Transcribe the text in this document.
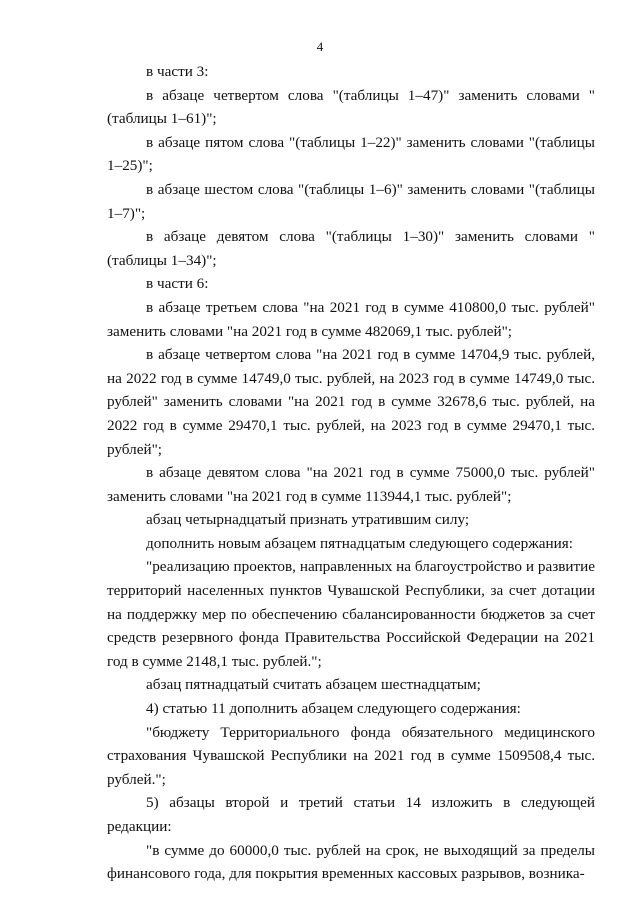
4

в части 3:

в абзаце четвертом слова "(таблицы 1–47)" заменить словами "(таблицы 1–61)";

в абзаце пятом слова "(таблицы 1–22)" заменить словами "(таблицы 1–25)";

в абзаце шестом слова "(таблицы 1–6)" заменить словами "(таблицы 1–7)";

в абзаце девятом слова "(таблицы 1–30)" заменить словами "(таблицы 1–34)";

в части 6:

в абзаце третьем слова "на 2021 год в сумме 410800,0 тыс. рублей" заменить словами "на 2021 год в сумме 482069,1 тыс. рублей";

в абзаце четвертом слова "на 2021 год в сумме 14704,9 тыс. рублей, на 2022 год в сумме 14749,0 тыс. рублей, на 2023 год в сумме 14749,0 тыс. рублей" заменить словами "на 2021 год в сумме 32678,6 тыс. рублей, на 2022 год в сумме 29470,1 тыс. рублей, на 2023 год в сумме 29470,1 тыс. рублей";

в абзаце девятом слова "на 2021 год в сумме 75000,0 тыс. рублей" заменить словами "на 2021 год в сумме 113944,1 тыс. рублей";

абзац четырнадцатый признать утратившим силу;

дополнить новым абзацем пятнадцатым следующего содержания:

"реализацию проектов, направленных на благоустройство и развитие территорий населенных пунктов Чувашской Республики, за счет дотации на поддержку мер по обеспечению сбалансированности бюджетов за счет средств резервного фонда Правительства Российской Федерации на 2021 год в сумме 2148,1 тыс. рублей.";

абзац пятнадцатый считать абзацем шестнадцатым;

4) статью 11 дополнить абзацем следующего содержания:

"бюджету Территориального фонда обязательного медицинского страхования Чувашской Республики на 2021 год в сумме 1509508,4 тыс. рублей.";

5) абзацы второй и третий статьи 14 изложить в следующей редакции:

"в сумме до 60000,0 тыс. рублей на срок, не выходящий за пределы финансового года, для покрытия временных кассовых разрывов, возника-
